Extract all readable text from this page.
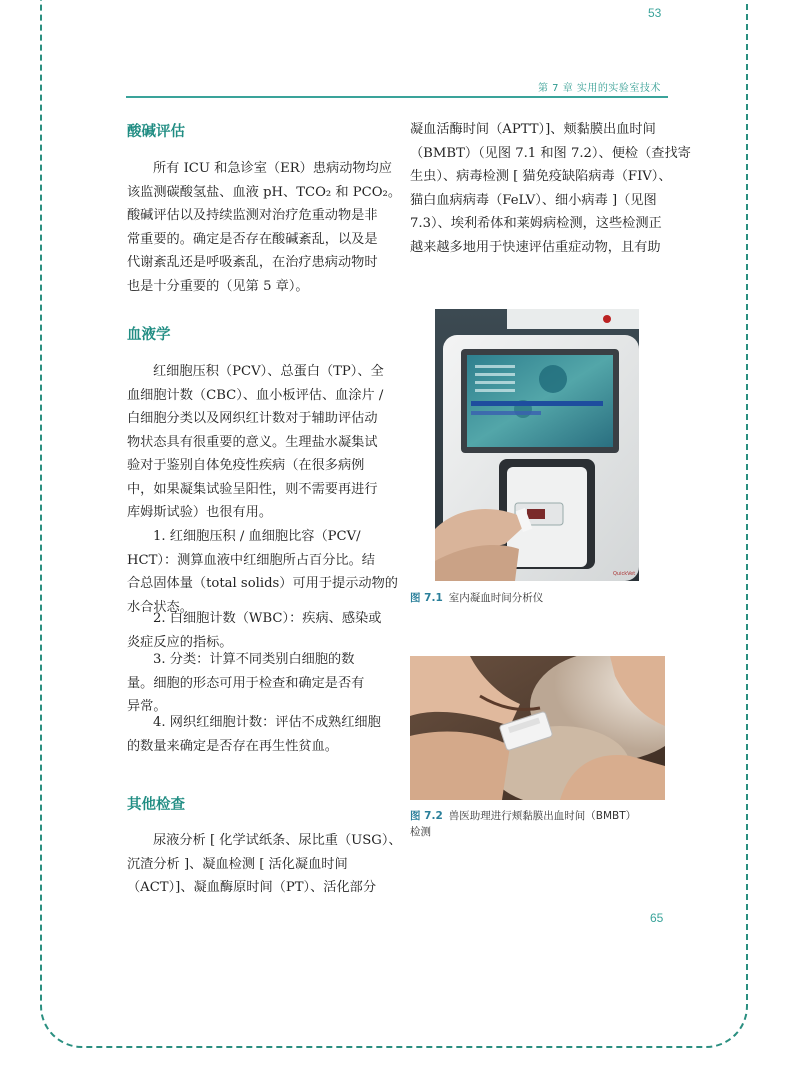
53
第 7 章 实用的实验室技术
酸碱评估
所有 ICU 和急诊室（ER）患病动物均应
该监测碳酸氢盐、血液 pH、TCO₂ 和 PCO₂。
酸碱评估以及持续监测对治疗危重动物是非
常重要的。确定是否存在酸碱紊乱，以及是
代谢紊乱还是呼吸紊乱，在治疗患病动物时
也是十分重要的（见第 5 章）。
血液学
红细胞压积（PCV）、总蛋白（TP）、全
血细胞计数（CBC）、血小板评估、血涂片 /
白细胞分类以及网织红计数对于辅助评估动
物状态具有很重要的意义。生理盐水凝集试
验对于鉴别自体免疫性疾病（在很多病例
中，如果凝集试验呈阳性，则不需要再进行
库姆斯试验）也很有用。
1. 红细胞压积 / 血细胞比容（PCV/
HCT）：测算血液中红细胞所占百分比。结
合总固体量（total solids）可用于提示动物的
水合状态。
2. 白细胞计数（WBC）：疾病、感染或
炎症反应的指标。
3. 分类：计算不同类别白细胞的数
量。细胞的形态可用于检查和确定是否有
异常。
4. 网织红细胞计数：评估不成熟红细胞
的数量来确定是否存在再生性贫血。
其他检查
尿液分析 [ 化学试纸条、尿比重（USG）、
沉渣分析 ]、凝血检测 [ 活化凝血时间
（ACT）]、凝血酶原时间（PT）、活化部分
凝血活酶时间（APTT）]、颊黏膜出血时间
（BMBT）（见图 7.1 和图 7.2）、便检（查找寄
生虫）、病毒检测 [ 猫免疫缺陷病毒（FIV）、
猫白血病病毒（FeLV）、细小病毒 ]（见图
7.3）、埃利希体和莱姆病检测，这些检测正
越来越多地用于快速评估重症动物，且有助
QuickVet
图 7.1 室内凝血时间分析仪
图 7.2 兽医助理进行颊黏膜出血时间（BMBT）
检测
65
